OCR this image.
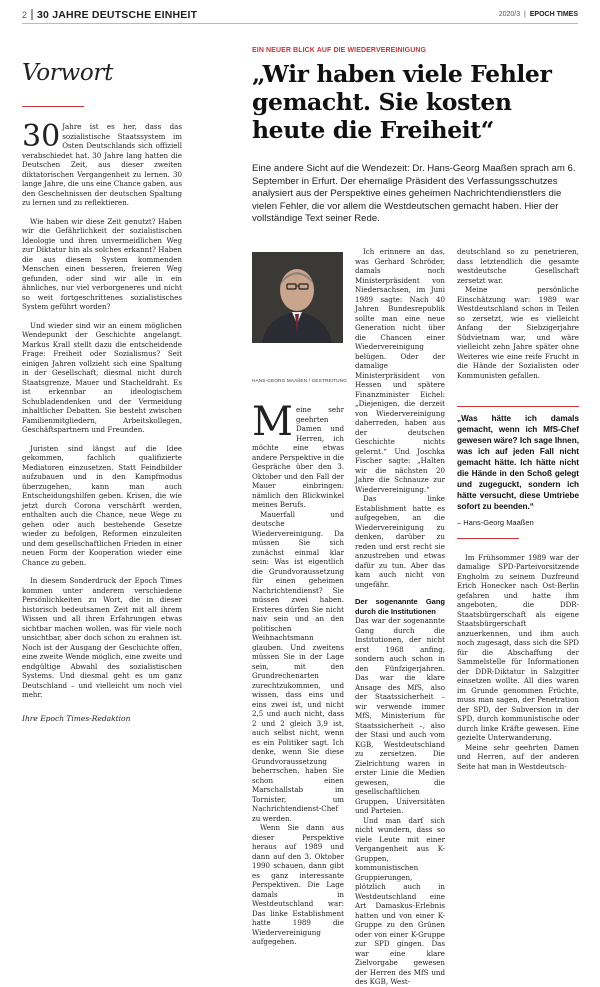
2 30 JAHRE DEUTSCHE EINHEIT	2020/3  |  EPOCH TIMES
Vorwort
30 Jahre ist es her, dass das sozialistische Staatssystem im Osten Deutschlands sich offiziell verabschiedet hat. 30 Jahre lang hatten die Deutschen Zeit, aus dieser zweiten diktatorischen Vergangenheit zu lernen. 30 lange Jahre, die uns eine Chance gaben, aus den Geschehnissen der deutschen Spaltung zu lernen und zu reflektieren.
Wie haben wir diese Zeit genutzt? Haben wir die Gefährlichkeit der sozialistischen Ideologie und ihren unvermeidlichen Weg zur Diktatur hin als solches erkannt? Haben die aus diesem System kommenden Menschen einen besseren, freieren Weg gefunden, oder sind wir alle in ein ähnliches, nur viel verborgeneres und nicht so weit fortgeschrittenes sozialistisches System geführt worden?
Und wieder sind wir an einem möglichen Wendepunkt der Geschichte angelangt. Markus Krall stellt dazu die entscheidende Frage: Freiheit oder Sozialismus? Seit einigen Jahren vollzieht sich eine Spaltung in der Gesellschaft, diesmal nicht durch Staatsgrenze, Mauer und Stacheldraht. Es ist erkennbar an ideologischem Schubladendenken und der Vermeidung inhaltlicher Debatten. Sie besteht zwischen Familienmitgliedern, Arbeitskollegen, Geschäftspartnern und Freunden.
Juristen sind längst auf die Idee gekommen, fachlich qualifizierte Mediatoren einzusetzen. Statt Feindbilder aufzubauen und in den Kampfmodus überzugehen, kann man auch Entscheidungshilfen geben. Krisen, die wie jetzt durch Corona verschärft werden, enthalten auch die Chance, neue Wege zu gehen oder auch bestehende Gesetze wieder zu befolgen, Reformen einzuleiten und dem gesellschaftlichen Frieden in einer neuen Form der Kooperation wieder eine Chance zu geben.
In diesem Sonderdruck der Epoch Times kommen unter anderem verschiedene Persönlichkeiten zu Wort, die in dieser historisch bedeutsamen Zeit mit all ihrem Wissen und all ihren Erfahrungen etwas sichtbar machen wollen, was für viele noch unsichtbar, aber doch schon zu erahnen ist. Noch ist der Ausgang der Geschichte offen, eine zweite Wende möglich, eine zweite und endgültige Abwahl des sozialistischen Systems. Und diesmal geht es um ganz Deutschland – und vielleicht um noch viel mehr.
Ihre Epoch Times-Redaktion
EIN NEUER BLICK AUF DIE WIEDERVEREINIGUNG
„Wir haben viele Fehler gemacht. Sie kosten heute die Freiheit“
Eine andere Sicht auf die Wendezeit: Dr. Hans-Georg Maaßen sprach am 6. September in Erfurt. Der ehemalige Präsident des Verfassungsschutzes analysiert aus der Perspektive eines geheimen Nachrichtendienstlers die vielen Fehler, die vor allem die Westdeutschen gemacht haben. Hier der vollständige Text seiner Rede.
HANS-GEORG MAAßEN / GESTREITUNG
M eine sehr geehrten Damen und Herren, ich möchte eine etwas andere Perspektive in die Gespräche über den 3. Oktober und den Fall der Mauer einbringen: nämlich den Blickwinkel meines Berufs.
Mauerfall und deutsche Wiedervereinigung. Da müssen Sie sich zunächst einmal klar sein: Was ist eigentlich die Grundvoraussetzung für einen geheimen Nachrichtendienst? Sie müssen zwei haben. Ersteres dürfen Sie nicht naiv sein und an den politischen Weihnachtsmann glauben. Und zweitens müssen Sie in der Lage sein, mit den Grundrechenarten zurechtzukommen, und wissen, dass eins und eins zwei ist, und nicht 2,5 und auch nicht, dass 2 und 2 gleich 3,9 ist, auch selbst nicht, wenn es ein Politiker sagt. Ich denke, wenn Sie diese Grundvoraussetzung beherrschen, haben Sie schon einen Marschallstab im Tornister, um Nachrichtendienst-Chef zu werden.
Wenn Sie dann aus dieser Perspektive heraus auf 1989 und dann auf den 3. Oktober 1990 schauen, dann gibt es ganz interessante Perspektiven. Die Lage damals in Westdeutschland war: Das linke Establishment hatte 1989 die Wiedervereinigung aufgegeben.
Ich erinnere an das, was Gerhard Schröder, damals noch Ministerpräsident von Niedersachsen, im Juni 1989 sagte: Nach 40 Jahren Bundesrepublik sollte man eine neue Generation nicht über die Chancen einer Wiedervereinigung belügen. Oder der damalige Ministerpräsident von Hessen und spätere Finanzminister Eichel: „Diejenigen, die derzeit von Wiedervereinigung daherreden, haben aus der deutschen Geschichte nichts gelernt.“ Und Joschka Fischer sagte: „Halten wir die nächsten 20 Jahre die Schnauze zur Wiedervereinigung.“
Das linke Establishment hatte es aufgegeben, an die Wiedervereinigung zu denken, darüber zu reden und erst recht sie anzustreben und etwas dafür zu tun. Aber das kam auch nicht von ungefähr.
Der sogenannte Gang durch die Institutionen
Das war der sogenannte Gang durch die Institutionen, der nicht erst 1968 anfing, sondern auch schon in den Fünfzigerjahren. Das war die klare Ansage des MfS, also der Staatssicherheit – wir verwende immer MfS, Ministerium für Staatssicherheit –, also der Stasi und auch vom KGB, Westdeutschland zu zersetzen. Die Zielrichtung waren in erster Linie die Medien gewesen, die gesellschaftlichen Gruppen, Universitäten und Parteien.
Und man darf sich nicht wundern, dass so viele Leute mit einer Vergangenheit aus K-Gruppen, kommunistischen Gruppierungen, plötzlich auch in Westdeutschland eine Art Damaskus-Erlebnis hatten und von einer K-Gruppe zu den Grünen oder von einer K-Gruppe zur SPD gingen. Das war eine klare Zielvorgabe gewesen der Herren des MfS und des KGB, West-
deutschland so zu penetrieren, dass letztendlich die gesamte westdeutsche Gesellschaft zersetzt war.
Meine persönliche Einschätzung war: 1989 war Westdeutschland schon in Teilen so zersetzt, wie es vielleicht Anfang der Siebzigerjahre Südvietnam war, und wäre vielleicht zehn Jahre später ohne Weiteres wie eine reife Frucht in die Hände der Sozialisten oder Kommunisten gefallen.
„Was hätte ich damals gemacht, wenn ich MfS-Chef gewesen wäre? Ich sage Ihnen, was ich auf jeden Fall nicht gemacht hätte. Ich hätte nicht die Hände in den Schoß gelegt und zugeguckt, sondern ich hätte versucht, diese Umtriebe sofort zu beenden.“
– Hans-Georg Maaßen
Im Frühsommer 1989 war der damalige SPD-Parteivorsitzende Engholm zu seinem Duzfreund Erich Honecker nach Ost-Berlin gefahren und hatte ihm angeboten, die DDR-Staatsbürgerschaft als eigene Staatsbürgerschaft anzuerkennen, und ihm auch noch zugesagt, dass sich die SPD für die Abschaffung der Sammelstelle für Informationen der DDR-Diktatur in Salzgitter einsetzen wollte. All dies waren im Grunde genommen Früchte, muss man sagen, der Penetration der SPD, der Subversion in der SPD, durch kommunistische oder durch linke Kräfte gewesen. Eine gezielte Unterwanderung.
Meine sehr geehrten Damen und Herren, auf der anderen Seite hat man in Westdeutsch-
